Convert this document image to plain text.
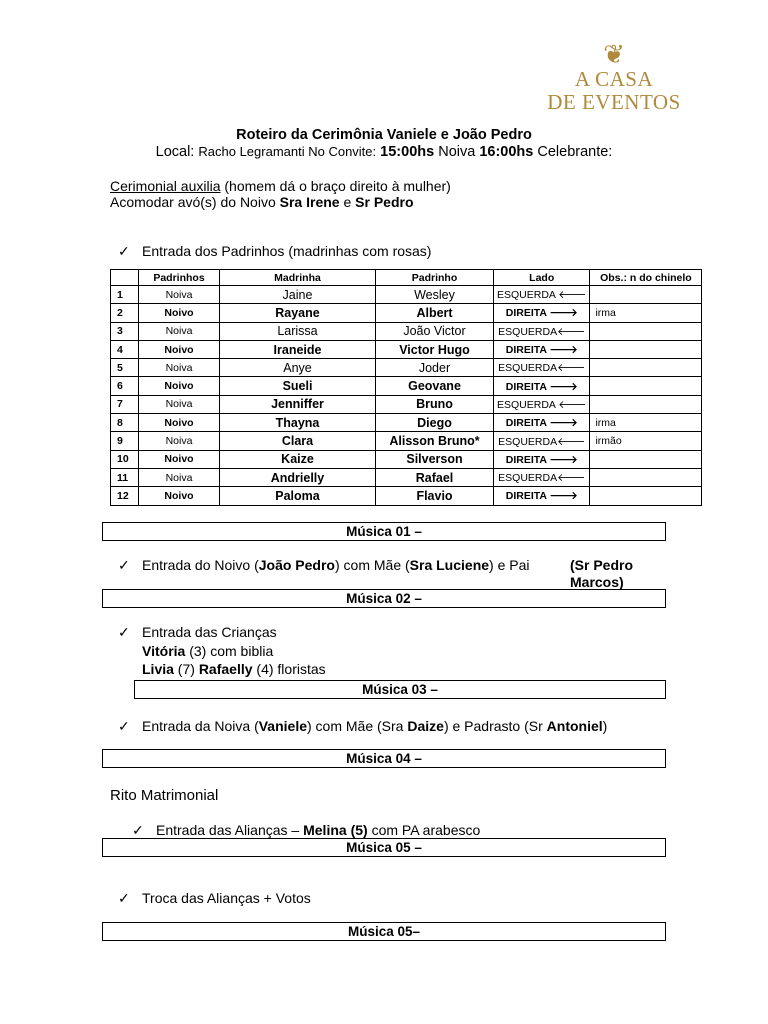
❦
A CASA
DE EVENTOS
Roteiro da Cerimônia Vaniele e João Pedro
Local: Racho Legramanti No Convite: 15:00hs Noiva 16:00hs Celebrante:
Cerimonial auxilia (homem dá o braço direito à mulher)
Acomodar avó(s) do Noivo Sra Irene e Sr Pedro
✓ Entrada dos Padrinhos (madrinhas com rosas)
	Padrinhos	Madrinha	Padrinho	Lado	Obs.: n do chinelo
1	Noiva	Jaine	Wesley	ESQUERDA 🡐	
2	Noivo	Rayane	Albert	DIREITA 🡒	irma
3	Noiva	Larissa	João Victor	ESQUERDA🡐	
4	Noivo	Iraneide	Victor Hugo	DIREITA 🡒	
5	Noiva	Anye	Joder	ESQUERDA🡐	
6	Noivo	Sueli	Geovane	DIREITA 🡒	
7	Noiva	Jenniffer	Bruno	ESQUERDA 🡐	
8	Noivo	Thayna	Diego	DIREITA 🡒	irma
9	Noiva	Clara	Alisson Bruno*	ESQUERDA🡐	irmão
10	Noivo	Kaize	Silverson	DIREITA 🡒	
11	Noiva	Andrielly	Rafael	ESQUERDA🡐	
12	Noivo	Paloma	Flavio	DIREITA 🡒	
Música 01 –
✓ Entrada do Noivo (João Pedro) com Mãe (Sra Luciene) e Pai	(Sr Pedro Marcos)
Música 02 –
✓ Entrada das Crianças
Vitória (3) com biblia
Livia (7) Rafaelly (4) floristas
Música 03 –
✓ Entrada da Noiva (Vaniele) com Mãe (Sra Daize) e Padrasto (Sr Antoniel)
Música 04 –
Rito Matrimonial
✓ Entrada das Alianças – Melina (5) com PA arabesco
Música 05 –
✓ Troca das Alianças + Votos
Música 05–
